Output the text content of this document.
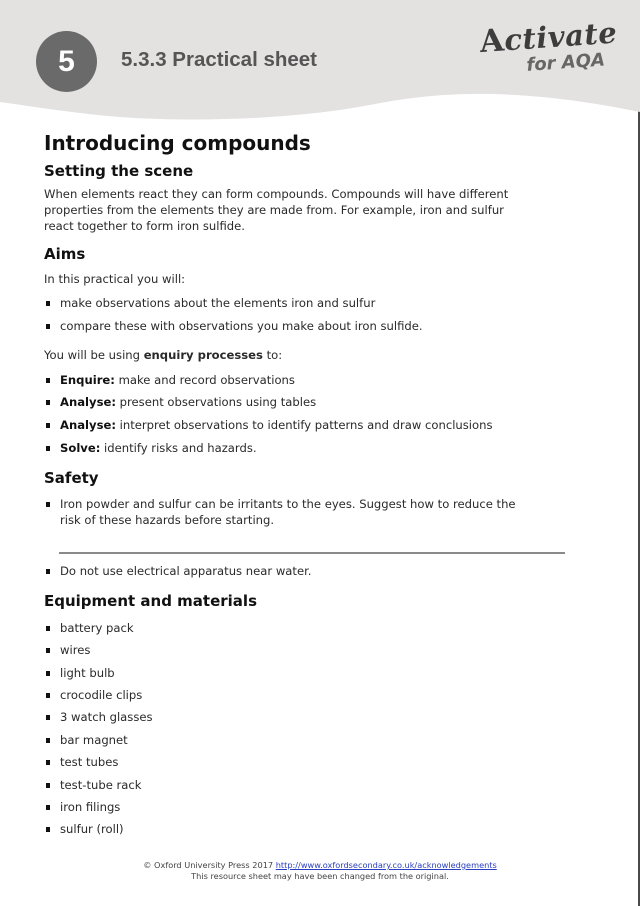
5 5.3.3 Practical sheet	Activate
for AQA
Introducing compounds
Setting the scene
When elements react they can form compounds. Compounds will have different
properties from the elements they are made from. For example, iron and sulfur
react together to form iron sulfide.
Aims
In this practical you will:
make observations about the elements iron and sulfur
compare these with observations you make about iron sulfide.
You will be using enquiry processes to:
Enquire: make and record observations
Analyse: present observations using tables
Analyse: interpret observations to identify patterns and draw conclusions
Solve: identify risks and hazards.
Safety
Iron powder and sulfur can be irritants to the eyes. Suggest how to reduce the
risk of these hazards before starting.
Do not use electrical apparatus near water.
Equipment and materials
battery pack
wires
light bulb
crocodile clips
3 watch glasses
bar magnet
test tubes
test-tube rack
iron filings
sulfur (roll)
© Oxford University Press 2017 http://www.oxfordsecondary.co.uk/acknowledgements
This resource sheet may have been changed from the original.
